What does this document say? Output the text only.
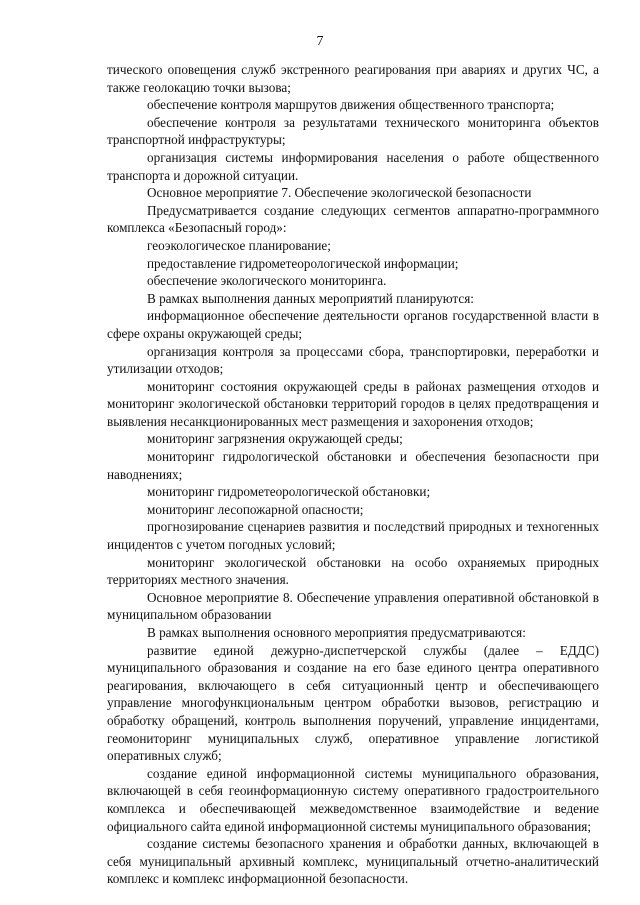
7

тического оповещения служб экстренного реагирования при авариях и других ЧС, а также геолокацию точки вызова;

обеспечение контроля маршрутов движения общественного транспорта;

обеспечение контроля за результатами технического мониторинга объектов транспортной инфраструктуры;

организация системы информирования населения о работе общественного транспорта и дорожной ситуации.

Основное мероприятие 7. Обеспечение экологической безопасности

Предусматривается создание следующих сегментов аппаратно-программного комплекса «Безопасный город»:

геоэкологическое планирование;

предоставление гидрометеорологической информации;

обеспечение экологического мониторинга.

В рамках выполнения данных мероприятий планируются:

информационное обеспечение деятельности органов государственной власти в сфере охраны окружающей среды;

организация контроля за процессами сбора, транспортировки, переработки и утилизации отходов;

мониторинг состояния окружающей среды в районах размещения отходов и мониторинг экологической обстановки территорий городов в целях предотвращения и выявления несанкционированных мест размещения и захоронения отходов;

мониторинг загрязнения окружающей среды;

мониторинг гидрологической обстановки и обеспечения безопасности при наводнениях;

мониторинг гидрометеорологической обстановки;

мониторинг лесопожарной опасности;

прогнозирование сценариев развития и последствий природных и техногенных инцидентов с учетом погодных условий;

мониторинг экологической обстановки на особо охраняемых природных территориях местного значения.

Основное мероприятие 8. Обеспечение управления оперативной обстановкой в муниципальном образовании

В рамках выполнения основного мероприятия предусматриваются:

развитие единой дежурно-диспетчерской службы (далее – ЕДДС) муниципального образования и создание на его базе единого центра оперативного реагирования, включающего в себя ситуационный центр и обеспечивающего управление многофункциональным центром обработки вызовов, регистрацию и обработку обращений, контроль выполнения поручений, управление инцидентами, геомониторинг муниципальных служб, оперативное управление логистикой оперативных служб;

создание единой информационной системы муниципального образования, включающей в себя геоинформационную систему оперативного градостроительного комплекса и обеспечивающей межведомственное взаимодействие и ведение официального сайта единой информационной системы муниципального образования;

создание системы безопасного хранения и обработки данных, включающей в себя муниципальный архивный комплекс, муниципальный отчетно-аналитический комплекс и комплекс информационной безопасности.
